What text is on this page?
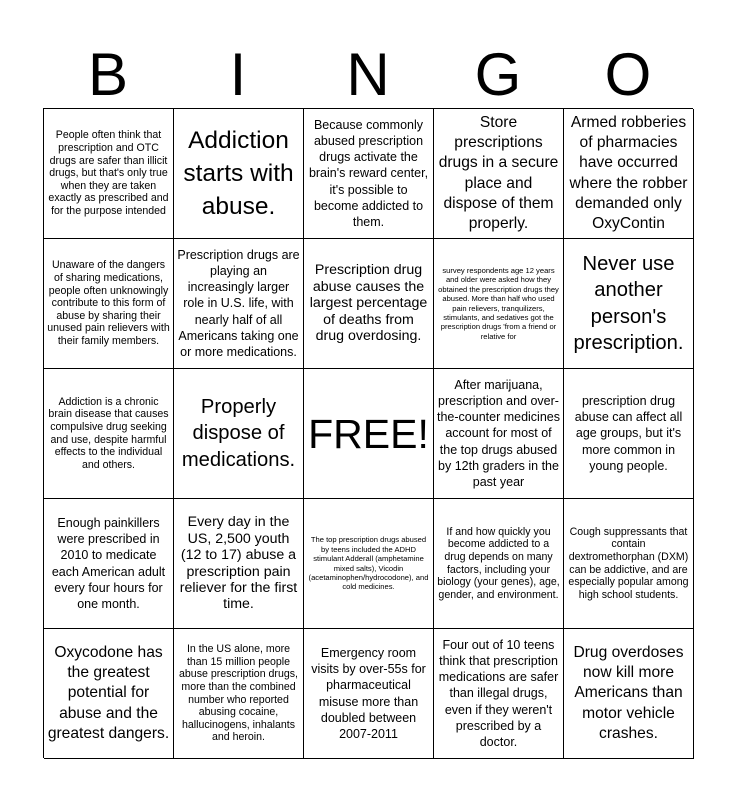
B	I	N	G	O
People often think that prescription and OTC drugs are safer than illicit drugs, but that's only true when they are taken exactly as prescribed and for the purpose intended
Addiction starts with abuse.
Because commonly abused prescription drugs activate the brain's reward center, it's possible to become addicted to them.
Store prescriptions drugs in a secure place and dispose of them properly.
Armed robberies of pharmacies have occurred where the robber demanded only OxyContin
Unaware of the dangers of sharing medications, people often unknowingly contribute to this form of abuse by sharing their unused pain relievers with their family members.
Prescription drugs are playing an increasingly larger role in U.S. life, with nearly half of all Americans taking one or more medications.
Prescription drug abuse causes the largest percentage of deaths from drug overdosing.
survey respondents age 12 years and older were asked how they obtained the prescription drugs they abused. More than half who used pain relievers, tranquilizers, stimulants, and sedatives got the prescription drugs 'from a friend or relative for
Never use another person's prescription.
Addiction is a chronic brain disease that causes compulsive drug seeking and use, despite harmful effects to the individual and others.
Properly dispose of medications.
FREE!
After marijuana, prescription and over-the-counter medicines account for most of the top drugs abused by 12th graders in the past year
prescription drug abuse can affect all age groups, but it's more common in young people.
Enough painkillers were prescribed in 2010 to medicate each American adult every four hours for one month.
Every day in the US, 2,500 youth (12 to 17) abuse a prescription pain reliever for the first time.
The top prescription drugs abused by teens included the ADHD stimulant Adderall (amphetamine mixed salts), Vicodin (acetaminophen/hydrocodone), and cold medicines.
If and how quickly you become addicted to a drug depends on many factors, including your biology (your genes), age, gender, and environment.
Cough suppressants that contain dextromethorphan (DXM) can be addictive, and are especially popular among high school students.
Oxycodone has the greatest potential for abuse and the greatest dangers.
In the US alone, more than 15 million people abuse prescription drugs, more than the combined number who reported abusing cocaine, hallucinogens, inhalants and heroin.
Emergency room visits by over-55s for pharmaceutical misuse more than doubled between 2007-2011
Four out of 10 teens think that prescription medications are safer than illegal drugs, even if they weren't prescribed by a doctor.
Drug overdoses now kill more Americans than motor vehicle crashes.
